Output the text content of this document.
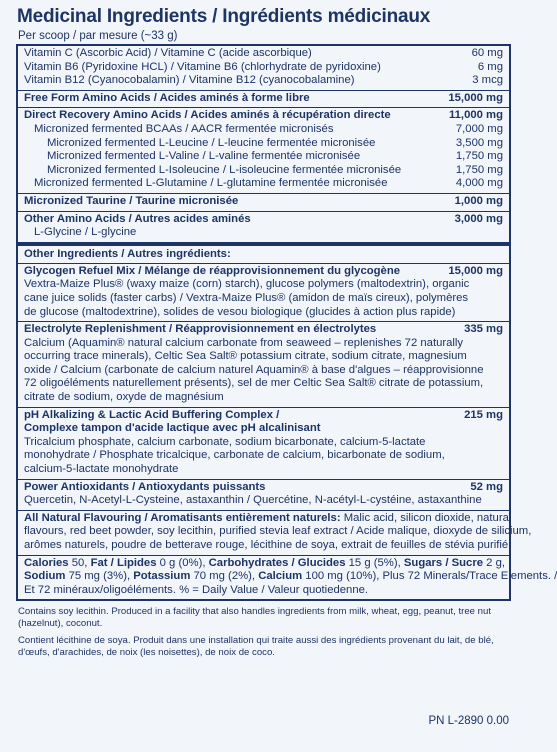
Medicinal Ingredients / Ingrédients médicinaux
Per scoop / par mesure (~33 g)
Vitamin C (Ascorbic Acid) / Vitamine C (acide ascorbique)	60 mg
Vitamin B6 (Pyridoxine HCL) / Vitamine B6 (chlorhydrate de pyridoxine)	6 mg
Vitamin B12 (Cyanocobalamin) / Vitamine B12 (cyanocobalamine)	3 mcg
Free Form Amino Acids / Acides aminés à forme libre	15,000 mg
Direct Recovery Amino Acids / Acides aminés à récupération directe	11,000 mg
Micronized fermented BCAAs / AACR fermentée micronisés	7,000 mg
Micronized fermented L-Leucine / L-leucine fermentée micronisée	3,500 mg
Micronized fermented L-Valine / L-valine fermentée micronisée	1,750 mg
Micronized fermented L-Isoleucine / L-isoleucine fermentée micronisée	1,750 mg
Micronized fermented L-Glutamine / L-glutamine fermentée micronisée	4,000 mg
Micronized Taurine / Taurine micronisée	1,000 mg
Other Amino Acids / Autres acides aminés	3,000 mg
L-Glycine / L-glycine
Other Ingredients / Autres ingrédients:
Glycogen Refuel Mix / Mélange de réapprovisionnement du glycogène	15,000 mg
Vextra-Maize Plus® (waxy maize (corn) starch), glucose polymers (maltodextrin), organic
cane juice solids (faster carbs) / Vextra-Maize Plus® (amidon de maïs cireux), polymères
de glucose (maltodextrine), solides de vesou biologique (glucides à action plus rapide)
Electrolyte Replenishment / Réapprovisionnement en électrolytes	335 mg
Calcium (Aquamin® natural calcium carbonate from seaweed – replenishes 72 naturally
occurring trace minerals), Celtic Sea Salt® potassium citrate, sodium citrate, magnesium
oxide / Calcium (carbonate de calcium naturel Aquamin® à base d'algues – réapprovisionne
72 oligoéléments naturellement présents), sel de mer Celtic Sea Salt® citrate de potassium,
citrate de sodium, oxyde de magnésium
pH Alkalizing & Lactic Acid Buffering Complex /	215 mg
Complexe tampon d'acide lactique avec pH alcalinisant
Tricalcium phosphate, calcium carbonate, sodium bicarbonate, calcium-5-lactate
monohydrate / Phosphate tricalcique, carbonate de calcium, bicarbonate de sodium,
calcium-5-lactate monohydrate
Power Antioxidants / Antioxydants puissants	52 mg
Quercetin, N-Acetyl-L-Cysteine, astaxanthin / Quercétine, N-acétyl-L-cystéine, astaxanthine
All Natural Flavouring / Aromatisants entièrement naturels:
Malic acid, silicon dioxide, natural
flavours, red beet powder, soy lecithin, purified stevia leaf extract / Acide malique, dioxyde de silicium,
arômes naturels, poudre de betterave rouge, lécithine de soya, extrait de feuilles de stévia purifié
Calories
50,
Fat / Lipides
0 g (0%),
Carbohydrates / Glucides
15 g (5%),
Sugars / Sucre
2 g,
Sodium
75 mg (3%),
Potassium
70 mg (2%),
Calcium
100 mg (10%), Plus 72 Minerals/Trace Elements. /
Et 72 minéraux/oligoéléments. % = Daily Value / Valeur quotiedenne.

Contains soy lecithin. Produced in a facility that also handles ingredients from milk, wheat, egg, peanut, tree nut (hazelnut), coconut.

Contient lécithine de soya. Produit dans une installation qui traite aussi des ingrédients provenant du lait, de blé, d'œufs, d'arachides, de noix (les noisettes), de noix de coco.

PN L-2890 0.00
